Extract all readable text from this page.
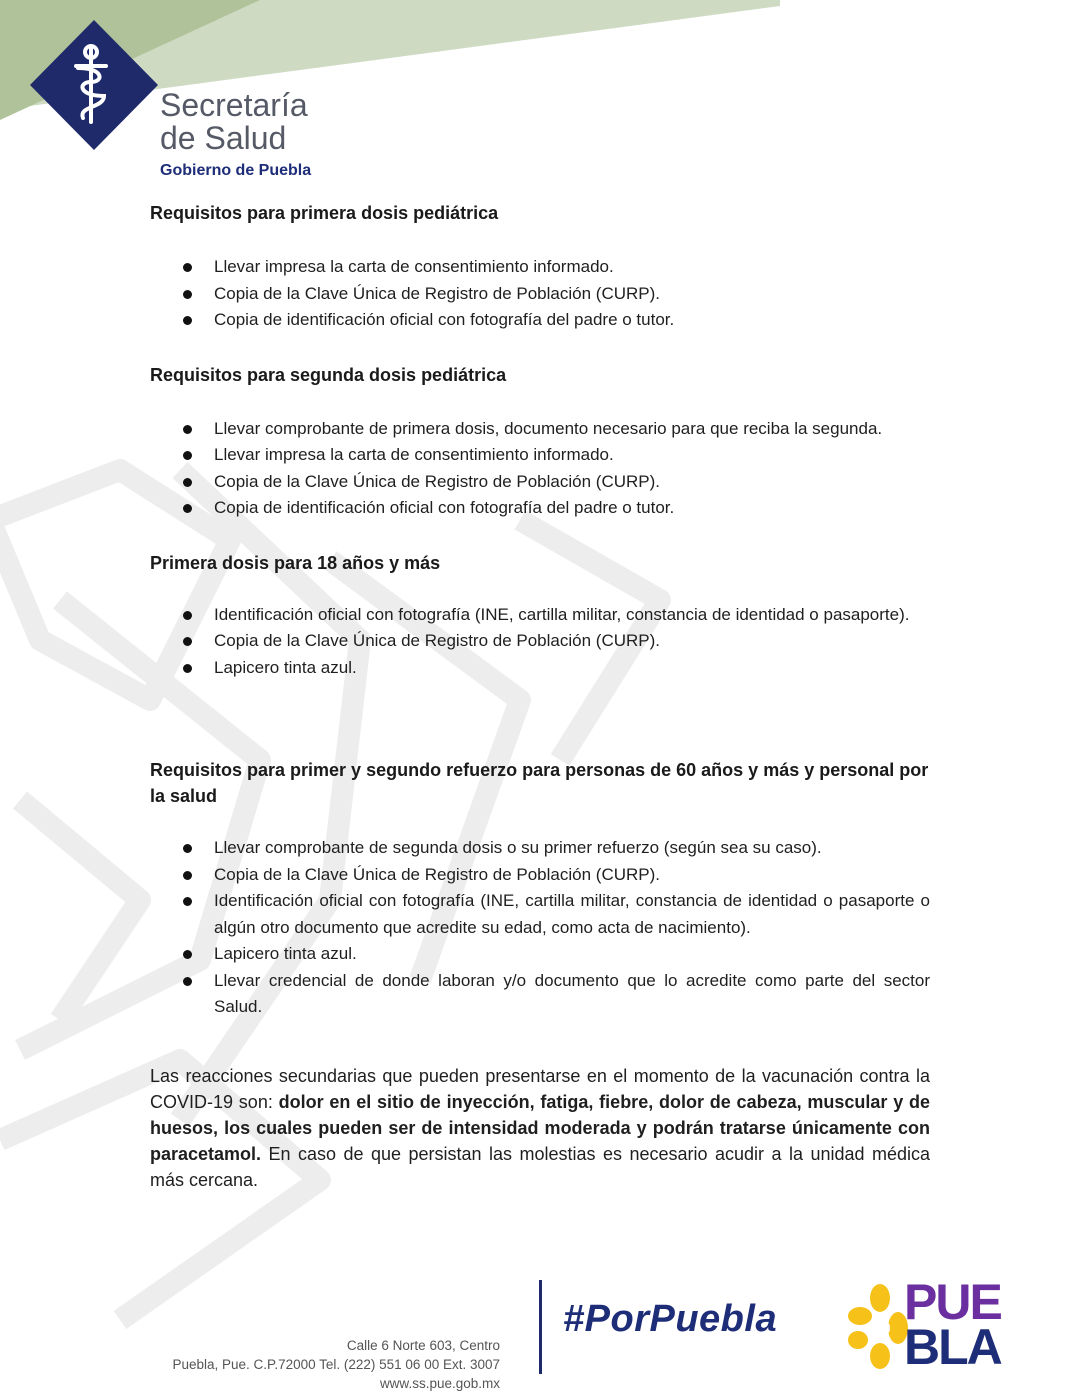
Secretaría
de Salud
Gobierno de Puebla
Requisitos para primera dosis pediátrica
Llevar impresa la carta de consentimiento informado.
Copia de la Clave Única de Registro de Población (CURP).
Copia de identificación oficial con fotografía del padre o tutor.
Requisitos para segunda dosis pediátrica
Llevar comprobante de primera dosis, documento necesario para que reciba la segunda.
Llevar impresa la carta de consentimiento informado.
Copia de la Clave Única de Registro de Población (CURP).
Copia de identificación oficial con fotografía del padre o tutor.
Primera dosis para 18 años y más
Identificación oficial con fotografía (INE, cartilla militar, constancia de identidad o pasaporte).
Copia de la Clave Única de Registro de Población (CURP).
Lapicero tinta azul.
Requisitos para primer y segundo refuerzo para personas de 60 años y más y personal por la salud
Llevar comprobante de segunda dosis o su primer refuerzo (según sea su caso).
Copia de la Clave Única de Registro de Población (CURP).
Identificación oficial con fotografía (INE, cartilla militar, constancia de identidad o pasaporte o algún otro documento que acredite su edad, como acta de nacimiento).
Lapicero tinta azul.
Llevar credencial de donde laboran y/o documento que lo acredite como parte del sector Salud.

Las reacciones secundarias que pueden presentarse en el momento de la vacunación contra la COVID-19 son: dolor en el sitio de inyección, fatiga, fiebre, dolor de cabeza, muscular y de huesos, los cuales pueden ser de intensidad moderada y podrán tratarse únicamente con paracetamol. En caso de que persistan las molestias es necesario acudir a la unidad médica más cercana.

Calle 6 Norte 603, Centro
Puebla, Pue. C.P.72000 Tel. (222) 551 06 00 Ext. 3007
www.ss.pue.gob.mx
#PorPuebla	PUE
BLA
